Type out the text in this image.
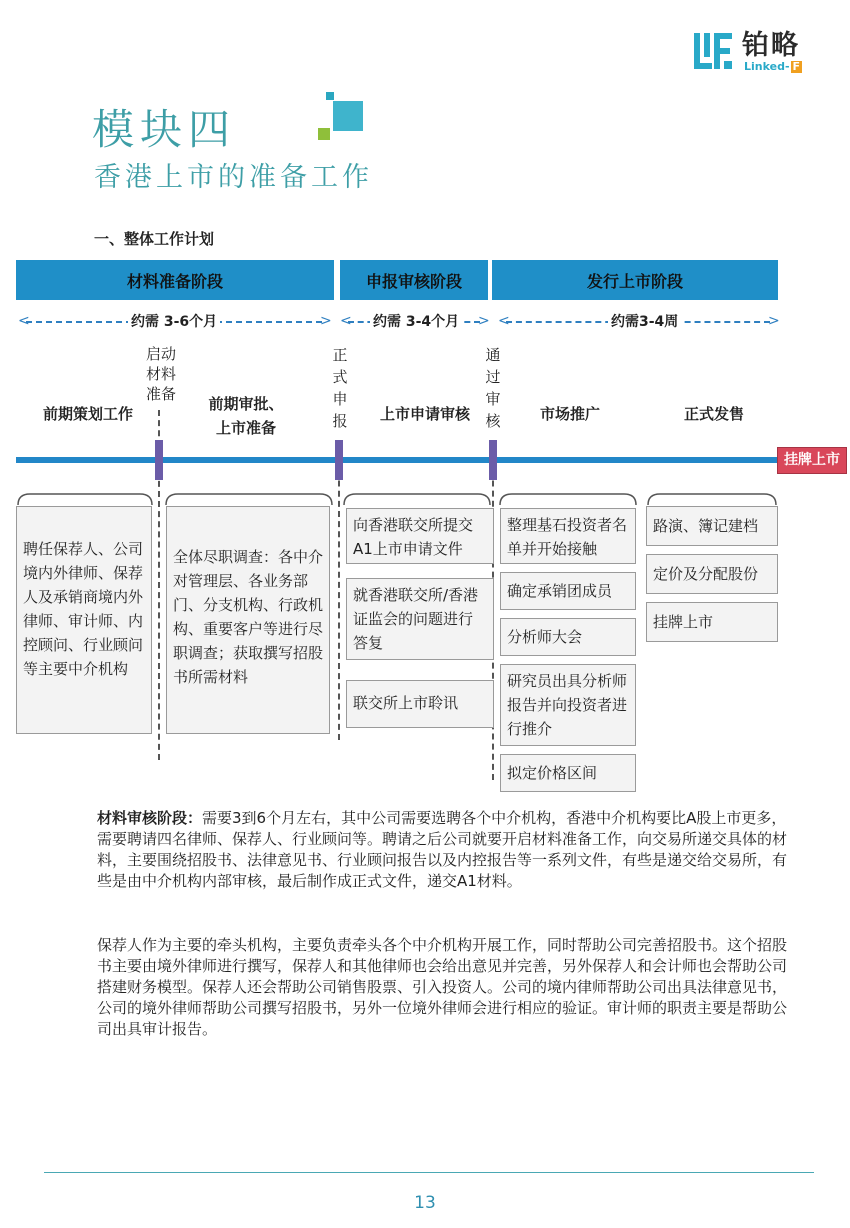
铂略
Linked- F
模块四
香港上市的准备工作
一、整体工作计划
材料准备阶段	申报审核阶段	发行上市阶段
<	>
约需 3-6个月	<	>
约需 3-4个月	<	>
约需3-4周
启动材料准备
正式申报
通过审核
前期策划工作
前期审批、上市准备
上市申请审核	市场推广	正式发售
挂牌上市
聘任保荐人、公司境内外律师、保荐人及承销商境内外律师、审计师、内控顾问、行业顾问等主要中介机构
全体尽职调查：各中介对管理层、各业务部门、分支机构、行政机构、重要客户等进行尽职调查；获取撰写招股书所需材料
向香港联交所提交A1上市申请文件
就香港联交所/香港证监会的问题进行答复
联交所上市聆讯
整理基石投资者名单并开始接触
确定承销团成员
分析师大会
研究员出具分析师报告并向投资者进行推介
拟定价格区间
路演、簿记建档
定价及分配股份
挂牌上市
材料审核阶段：需要3到6个月左右，其中公司需要选聘各个中介机构，香港中介机构要比A股上市更多，需要聘请四名律师、保荐人、行业顾问等。聘请之后公司就要开启材料准备工作，向交易所递交具体的材料，主要围绕招股书、法律意见书、行业顾问报告以及内控报告等一系列文件，有些是递交给交易所，有些是由中介机构内部审核，最后制作成正式文件，递交A1材料。
保荐人作为主要的牵头机构，主要负责牵头各个中介机构开展工作，同时帮助公司完善招股书。这个招股书主要由境外律师进行撰写，保荐人和其他律师也会给出意见并完善，另外保荐人和会计师也会帮助公司搭建财务模型。保荐人还会帮助公司销售股票、引入投资人。公司的境内律师帮助公司出具法律意见书，公司的境外律师帮助公司撰写招股书，另外一位境外律师会进行相应的验证。审计师的职责主要是帮助公司出具审计报告。
13
